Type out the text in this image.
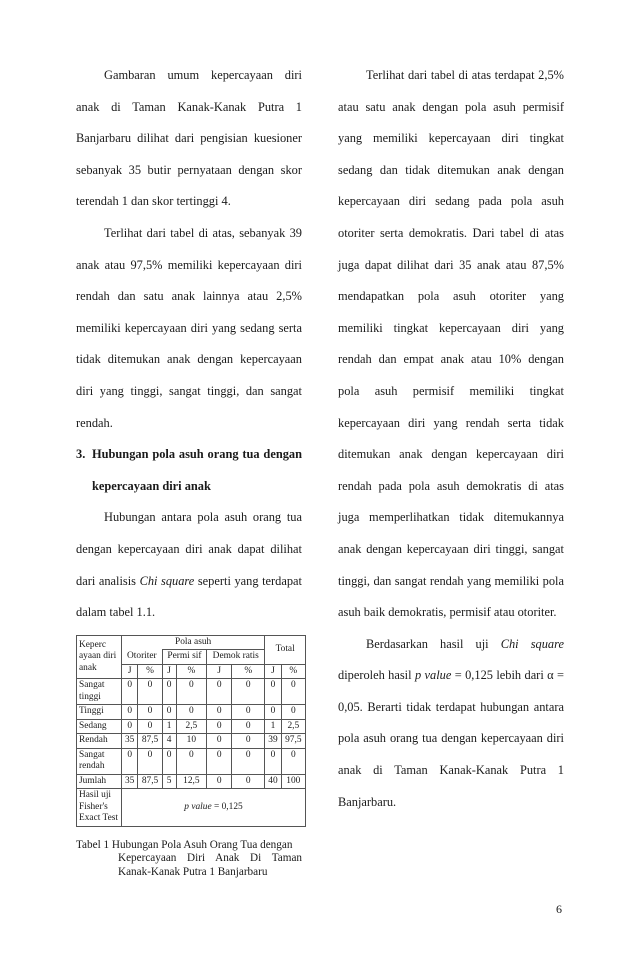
Gambaran umum kepercayaan diri anak di Taman Kanak-Kanak Putra 1 Banjarbaru dilihat dari pengisian kuesioner sebanyak 35 butir pernyataan dengan skor terendah 1 dan skor tertinggi 4.

Terlihat dari tabel di atas, sebanyak 39 anak atau 97,5% memiliki kepercayaan diri rendah dan satu anak lainnya atau 2,5% memiliki kepercayaan diri yang sedang serta tidak ditemukan anak dengan kepercayaan diri yang tinggi, sangat tinggi, dan sangat rendah.

3. Hubungan pola asuh orang tua dengan kepercayaan diri anak

Hubungan antara pola asuh orang tua dengan kepercayaan diri anak dapat dilihat dari analisis Chi square seperti yang terdapat dalam tabel 1.1.

Keperc ayaan diri anak	Pola asuh						Total	
	Otoriter		Permi sif		Demok ratis			
	J	%	J	%	J	%	J	%
Sangat tinggi	0	0	0	0	0	0	0	0
Tinggi	0	0	0	0	0	0	0	0
Sedang	0	0	1	2,5	0	0	1	2,5
Rendah	35	87,5	4	10	0	0	39	97,5
Sangat rendah	0	0	0	0	0	0	0	0
Jumlah	35	87,5	5	12,5	0	0	40	100
Hasil uji Fisher's Exact Test	p value = 0,125							
Tabel 1 Hubungan Pola Asuh Orang Tua dengan
Kepercayaan Diri Anak Di Taman Kanak-Kanak Putra 1 Banjarbaru

Terlihat dari tabel di atas terdapat 2,5% atau satu anak dengan pola asuh permisif yang memiliki kepercayaan diri tingkat sedang dan tidak ditemukan anak dengan kepercayaan diri sedang pada pola asuh otoriter serta demokratis. Dari tabel di atas juga dapat dilihat dari 35 anak atau 87,5% mendapatkan pola asuh otoriter yang memiliki tingkat kepercayaan diri yang rendah dan empat anak atau 10% dengan pola asuh permisif memiliki tingkat kepercayaan diri yang rendah serta tidak ditemukan anak dengan kepercayaan diri rendah pada pola asuh demokratis di atas juga memperlihatkan tidak ditemukannya anak dengan kepercayaan diri tinggi, sangat tinggi, dan sangat rendah yang memiliki pola asuh baik demokratis, permisif atau otoriter.

Berdasarkan hasil uji Chi square diperoleh hasil p value = 0,125 lebih dari α = 0,05. Berarti tidak terdapat hubungan antara pola asuh orang tua dengan kepercayaan diri anak di Taman Kanak-Kanak Putra 1 Banjarbaru.

6
